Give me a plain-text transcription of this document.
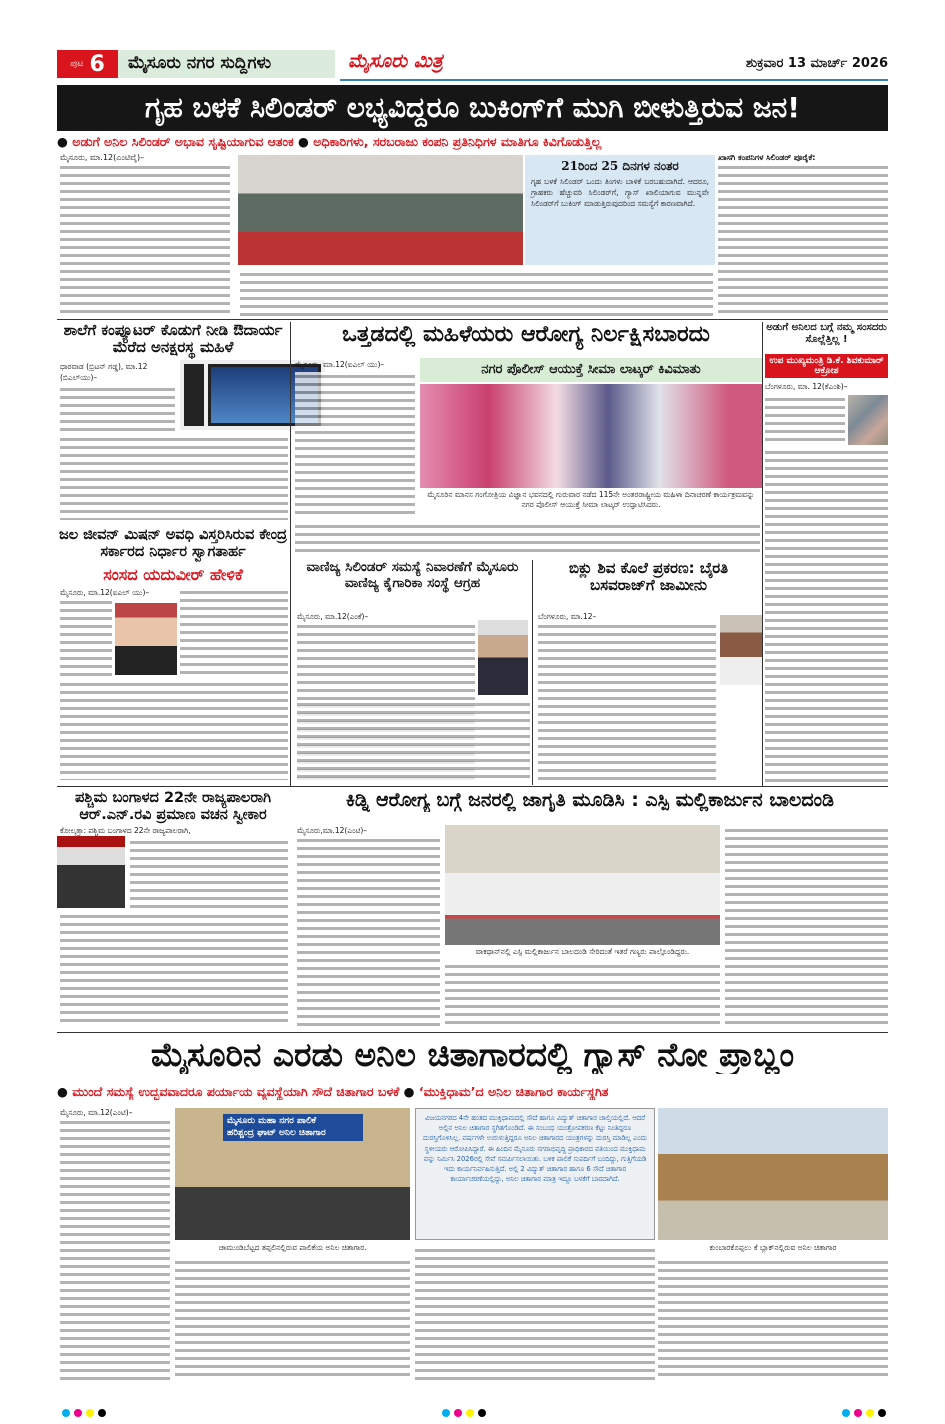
ಪುಟ 6	ಮೈಸೂರು ನಗರ ಸುದ್ದಿಗಳು	ಮೈಸೂರು ಮಿತ್ರ	ಶುಕ್ರವಾರ 13 ಮಾರ್ಚ್ 2026
ಗೃಹ ಬಳಕೆ ಸಿಲಿಂಡರ್ ಲಭ್ಯವಿದ್ದರೂ ಬುಕಿಂಗ್‌ಗೆ ಮುಗಿ ಬೀಳುತ್ತಿರುವ ಜನ!
● ಅಡುಗೆ ಅನಿಲ ಸಿಲಿಂಡರ್ ಅಭಾವ ಸೃಷ್ಟಿಯಾಗುವ ಆತಂಕ ● ಅಧಿಕಾರಿಗಳು, ಸರಬರಾಜು ಕಂಪನಿ ಪ್ರತಿನಿಧಿಗಳ ಮಾತಿಗೂ ಕಿವಿಗೊಡುತ್ತಿಲ್ಲ
ಮೈಸೂರು, ಮಾ.12(ಎಂಟಿವೈ)–
21ರಿಂದ 25 ದಿನಗಳ ನಂತರ
ಗೃಹ ಬಳಕೆ ಸಿಲಿಂಡರ್ ಒಂದು ತಿಂಗಳು ಬಾಳಿಕೆ ಬರಬಹುದಾಗಿದೆ. ಆದರೂ, ಗ್ರಾಹಕರು ಹೆಚ್ಚುವರಿ ಸಿಲಿಂಡರ್‌ಗೆ, ಗ್ಯಾಸ್ ಖಾಲಿಯಾಗುವ ಮುನ್ನವೇ ಸಿಲಿಂಡರ್‌ಗೆ ಬುಕಿಂಗ್ ಮಾಡುತ್ತಿರುವುದರಿಂದ ಸಮಸ್ಯೆಗೆ ಕಾರಣವಾಗಿದೆ.
ಖಾಸಗಿ ಕಂಪನಿಗಳ ಸಿಲಿಂಡರ್ ಪೂರೈಕೆ:
ಶಾಲೆಗೆ ಕಂಪ್ಯೂಟರ್ ಕೊಡುಗೆ ನೀಡಿ ಔದಾರ್ಯ ಮೆರೆದ ಅನಕ್ಷರಸ್ಥ ಮಹಿಳೆ
ಧಾರವಾಡ (ಬ್ರಿಟನ್ ಗಡ್ಡ), ಮಾ.12 (ಬಿಎಲ್‌ಯು)–
ಒತ್ತಡದಲ್ಲಿ ಮಹಿಳೆಯರು ಆರೋಗ್ಯ ನಿರ್ಲಕ್ಷಿಸಬಾರದು
ಮೈಸೂರು, ಮಾ.12(ಐಎಲ್ ಯು)–	ನಗರ ಪೊಲೀಸ್ ಆಯುಕ್ತೆ ಸೀಮಾ ಲಾಟ್ಕರ್ ಕಿವಿಮಾತು
ಮೈಸೂರಿನ ಮಾನಸ ಗಂಗೋತ್ರಿಯ ವಿಜ್ಞಾನ ಭವನದಲ್ಲಿ ಗುರುವಾರ ನಡೆದ 115ನೇ ಅಂತರರಾಷ್ಟ್ರೀಯ ಮಹಿಳಾ ದಿನಾಚರಣೆ ಕಾರ್ಯಕ್ರಮವನ್ನು ನಗರ ಪೊಲೀಸ್ ಆಯುಕ್ತೆ ಸೀಮಾ ಲಾಟ್ಕರ್ ಉದ್ಘಾಟಿಸಿದರು.
ಅಡುಗೆ ಅನಿಲದ ಬಗ್ಗೆ ನಮ್ಮ ಸಂಸದರು ಸೊಲ್ಲೆತ್ತಿಲ್ಲ !
ಉಪ ಮುಖ್ಯಮಂತ್ರಿ ಡಿ.ಕೆ. ಶಿವಕುಮಾರ್ ಆಕ್ರೋಶ
ಬೆಂಗಳೂರು, ಮಾ. 12(ಕೆಎಂಶಿ)–
ಜಲ ಜೀವನ್ ಮಿಷನ್ ಅವಧಿ ವಿಸ್ತರಿಸಿರುವ ಕೇಂದ್ರ ಸರ್ಕಾರದ ನಿರ್ಧಾರ ಸ್ವಾಗತಾರ್ಹ
ಸಂಸದ ಯದುವೀರ್ ಹೇಳಿಕೆ
ಮೈಸೂರು, ಮಾ.12(ಐಎಲ್ ಯು)–
ವಾಣಿಜ್ಯ ಸಿಲಿಂಡರ್ ಸಮಸ್ಯೆ ನಿವಾರಣೆಗೆ ಮೈಸೂರು ವಾಣಿಜ್ಯ ಕೈಗಾರಿಕಾ ಸಂಸ್ಥೆ ಆಗ್ರಹ
ಮೈಸೂರು, ಮಾ.12(ಎಂಕೆ)–
ಬಿಕ್ಲು ಶಿವ ಕೊಲೆ ಪ್ರಕರಣ: ಬೈರತಿ ಬಸವರಾಜ್‌ಗೆ ಜಾಮೀನು
ಬೆಂಗಳೂರು, ಮಾ.12–
ಪಶ್ಚಿಮ ಬಂಗಾಳದ 22ನೇ ರಾಜ್ಯಪಾಲರಾಗಿ ಆರ್.ಎನ್.ರವಿ ಪ್ರಮಾಣ ವಚನ ಸ್ವೀಕಾರ
ಕೋಲ್ಕತ್ತಾ: ಪಶ್ಚಿಮ ಬಂಗಾಳದ 22ನೇ ರಾಜ್ಯಪಾಲರಾಗಿ,
ಕಿಡ್ನಿ ಆರೋಗ್ಯ ಬಗ್ಗೆ ಜನರಲ್ಲಿ ಜಾಗೃತಿ ಮೂಡಿಸಿ : ಎಸ್ಪಿ ಮಲ್ಲಿಕಾರ್ಜುನ ಬಾಲದಂಡಿ
ಮೈಸೂರು,ಮಾ.12(ಎಂಟಿ)–
ವಾಕಥಾನ್‌ನಲ್ಲಿ ಎಸ್ಪಿ ಮಲ್ಲಿಕಾರ್ಜುನ ಬಾಲದಂಡಿ ಸೇರಿದಂತೆ ಇತರೆ ಗಣ್ಯರು ಪಾಲ್ಗೊಂಡಿದ್ದರು.
ಮೈಸೂರಿನ ಎರಡು ಅನಿಲ ಚಿತಾಗಾರದಲ್ಲಿ ಗ್ಯಾಸ್ ನೋ ಪ್ರಾಬ್ಲಂ
● ಮುಂದೆ ಸಮಸ್ಯೆ ಉದ್ಭವವಾದರೂ ಪರ್ಯಾಯ ವ್ಯವಸ್ಥೆಯಾಗಿ ಸೌದೆ ಚಿತಾಗಾರ ಬಳಕೆ ● ‘ಮುಕ್ತಿಧಾಮ’ದ ಅನಿಲ ಚಿತಾಗಾರ ಕಾರ್ಯಸ್ಥಗಿತ
ಮೈಸೂರು, ಮಾ.12(ಎಂಟಿ)–
ಮೈಸೂರು ಮಹಾ ನಗರ ಪಾಲಿಕೆ
ಹರಿಶ್ಚಂದ್ರ ಘಾಟ್ ಅನಿಲ ಚಿತಾಗಾರ
ಚಾಮುಂಡಿಬೆಟ್ಟದ ತಪ್ಪಲಿನಲ್ಲಿರುವ ಪಾಲಿಕೆಯ ಅನಿಲ ಚಿತಾಗಾರ.
ವಿಜಯನಗರದ 4ನೇ ಹಂತದ ಮುಕ್ತಿಧಾಮದಲ್ಲಿ ಸೌದೆ ಹಾಗೂ ವಿದ್ಯುತ್ ಚಿತಾಗಾರ ಚಾಲ್ತಿಯಲ್ಲಿದೆ. ಆದರೆ ಅಲ್ಲಿನ ಅನಿಲ ಚಿತಾಗಾರ ಸ್ಥಗಿತಗೊಂಡಿದೆ. ಈ ಸಂಬಂಧ ಯಂತ್ರೋಪಕರಣ ಕೆಟ್ಟು ನಿಂತಿದ್ದರೂ ದುರಸ್ತಿಗೊಳಿಸಿಲ್ಲ. ವರ್ಷಗಳೇ ಉರುಳುತ್ತಿದ್ದರೂ ಅನಿಲ ಚಿತಾಗಾರದ ಯಂತ್ರಗಳನ್ನು ದುರಸ್ತಿ ಮಾಡಿಲ್ಲ ಎಂದು ಸ್ಥಳೀಯರು ಆರೋಪಿಸಿದ್ದಾರೆ. ಈ ಹಿಂದಿನ ಮೈಸೂರು ನಗರಾಭಿವೃದ್ಧಿ ಪ್ರಾಧಿಕಾರದ ವತಿಯಿಂದ ಮುಕ್ತಿಧಾಮ ವನ್ನು ನಿರ್ಮಿಸಿ 2026ರಲ್ಲಿ ಸೇವೆ ಸಮರ್ಪಿಸಲಾಯಿತು. ಬಳಿಕ ಪಾಲಿಕೆ ಸುಪರ್ದಿಗೆ ಬಂದಿದ್ದು, ಗುತ್ತಿಗೆಯಡಿ ಇದು ಕಾರ್ಯನಿರ್ವಹಿಸುತ್ತಿದೆ. ಅಲ್ಲಿ 2 ವಿದ್ಯುತ್ ಚಿತಾಗಾರ ಹಾಗೂ 6 ಸೌದೆ ಚಿತಾಗಾರ ಕಾರ್ಯಾಚರಣೆಯಲ್ಲಿದ್ದು, ಅನಿಲ ಚಿತಾಗಾರ ಮಾತ್ರ ಇದ್ದೂ ಬಳಕೆಗೆ ಬಾರದಾಗಿದೆ.
ಕುಂಬಾರಕೊಪ್ಪಲು ಕೆ ಬ್ಲಾಕ್‌ನಲ್ಲಿರುವ ಅನಿಲ ಚಿತಾಗಾರ
